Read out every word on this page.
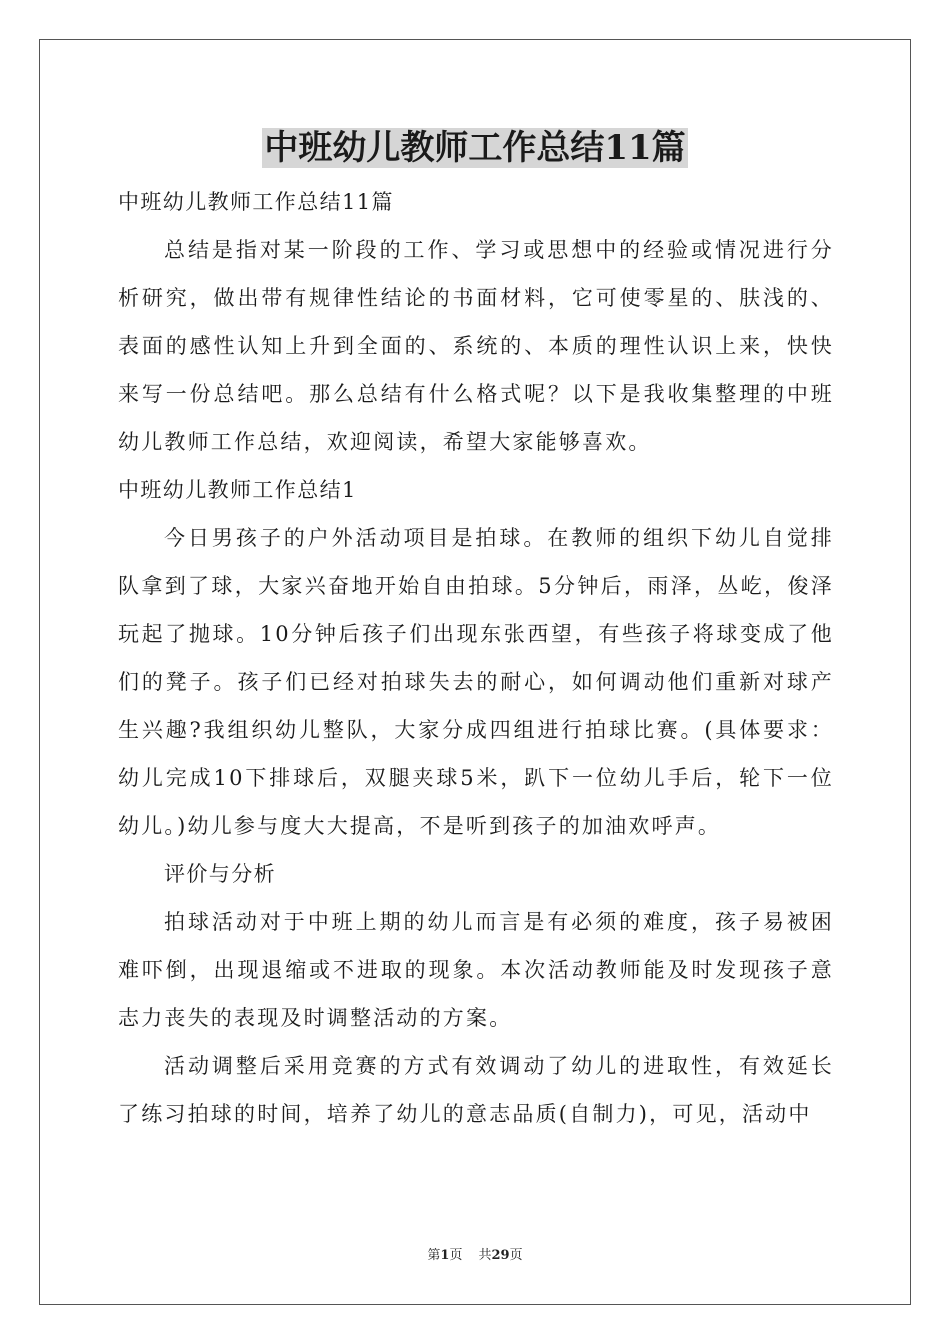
中班幼儿教师工作总结11篇

中班幼儿教师工作总结11篇

总结是指对某一阶段的工作、学习或思想中的经验或情况进行分析研究，做出带有规律性结论的书面材料，它可使零星的、肤浅的、表面的感性认知上升到全面的、系统的、本质的理性认识上来，快快来写一份总结吧。那么总结有什么格式呢？以下是我收集整理的中班幼儿教师工作总结，欢迎阅读，希望大家能够喜欢。

中班幼儿教师工作总结1

今日男孩子的户外活动项目是拍球。在教师的组织下幼儿自觉排队拿到了球，大家兴奋地开始自由拍球。5分钟后，雨泽，丛屹，俊泽玩起了抛球。10分钟后孩子们出现东张西望，有些孩子将球变成了他们的凳子。孩子们已经对拍球失去的耐心，如何调动他们重新对球产生兴趣?我组织幼儿整队，大家分成四组进行拍球比赛。(具体要求：幼儿完成10下排球后，双腿夹球5米，趴下一位幼儿手后，轮下一位幼儿。)幼儿参与度大大提高，不是听到孩子的加油欢呼声。

评价与分析

拍球活动对于中班上期的幼儿而言是有必须的难度，孩子易被困难吓倒，出现退缩或不进取的现象。本次活动教师能及时发现孩子意志力丧失的表现及时调整活动的方案。

活动调整后采用竞赛的方式有效调动了幼儿的进取性，有效延长了练习拍球的时间，培养了幼儿的意志品质(自制力)，可见，活动中

第1页 共29页
